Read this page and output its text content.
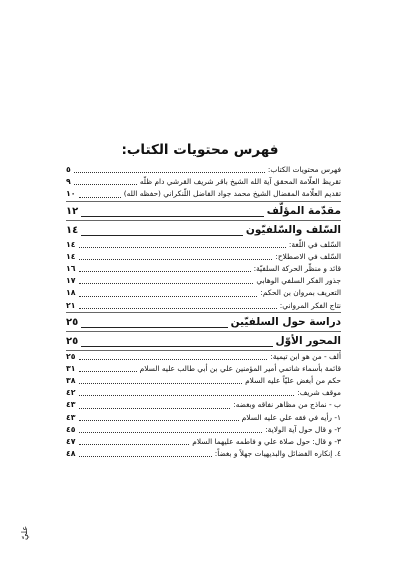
فهرس محتويات الكتاب:
فهرس محتويات الكتاب:
٥
تقريظ العلّامة المحقق آية الله الشيخ باقر شريف القرشي دام ظلّه
٩
تقديم العلّامة المفضال الشيخ محمد جواد الفاضل اللّنكراني (حفظه الله)
١٠
مقدّمة المؤلّف
١٢
السّلف والسّلفيّون
١٤
السّلف في اللّغة:
١٤
السّلف في الاصطلاح:
١٤
قائد و منظّر الحركة السلفيّة:
١٦
جذور الفكر السلفي الوهابي
١٧
التعريف بمروان بن الحكم:
١٨
نتاج الفكر المرواني:
٢١
دراسة حول السلفيّين
٢٥
المحور الأوّل
٢٥
ألف - من هو ابن تيمية:
٢٥
قائمة بأسماء شاتمي أمير المؤمنين علي بن أبي طالب عليه السلام
٣١
حكم من أبغض عليّاً عليه السلام
٣٨
موقف شريف:
٤٢
ب - نماذج من مظاهر نفاقه وبغضه:
٤٣
١- رأيه في فقه علي عليه السلام
٤٣
٢- و قال حول آية الولاية:
٤٥
٣- و قال: حول صلاة علي و فاطمه عليهما السلام
٤٧
٤. إنكاره الفضائل والبديهيات جهلاً و بغضاً:
٤٨
عليّ
